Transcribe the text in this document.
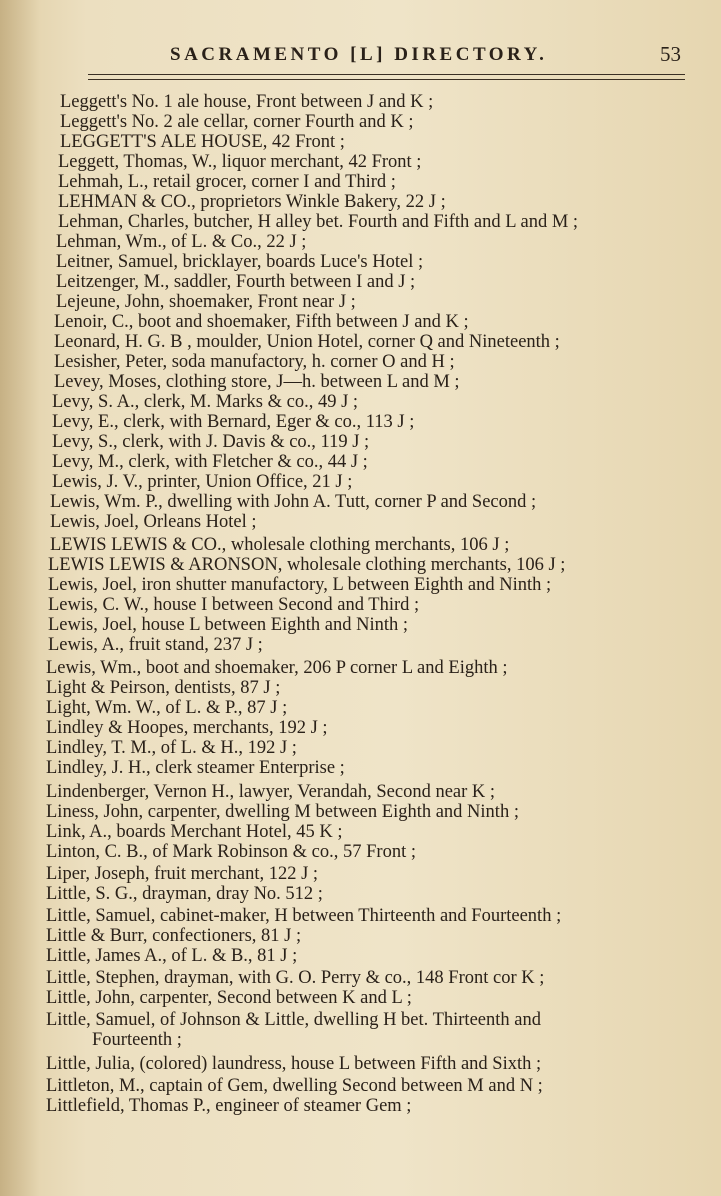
SACRAMENTO [L] DIRECTORY.	53
Leggett's No. 1 ale house, Front between J and K ;
Leggett's No. 2 ale cellar, corner Fourth and K ;
LEGGETT'S ALE HOUSE, 42 Front ;
Leggett, Thomas, W., liquor merchant, 42 Front ;
Lehmah, L., retail grocer, corner I and Third ;
LEHMAN & CO., proprietors Winkle Bakery, 22 J ;
Lehman, Charles, butcher, H alley bet. Fourth and Fifth and L and M ;
Lehman, Wm., of L. & Co., 22 J ;
Leitner, Samuel, bricklayer, boards Luce's Hotel ;
Leitzenger, M., saddler, Fourth between I and J ;
Lejeune, John, shoemaker, Front near J ;
Lenoir, C., boot and shoemaker, Fifth between J and K ;
Leonard, H. G. B , moulder, Union Hotel, corner Q and Nineteenth ;
Lesisher, Peter, soda manufactory, h. corner O and H ;
Levey, Moses, clothing store, J—h. between L and M ;
Levy, S. A., clerk, M. Marks & co., 49 J ;
Levy, E., clerk, with Bernard, Eger & co., 113 J ;
Levy, S., clerk, with J. Davis & co., 119 J ;
Levy, M., clerk, with Fletcher & co., 44 J ;
Lewis, J. V., printer, Union Office, 21 J ;
Lewis, Wm. P., dwelling with John A. Tutt, corner P and Second ;
Lewis, Joel, Orleans Hotel ;
LEWIS LEWIS & CO., wholesale clothing merchants, 106 J ;
LEWIS LEWIS & ARONSON, wholesale clothing merchants, 106 J ;
Lewis, Joel, iron shutter manufactory, L between Eighth and Ninth ;
Lewis, C. W., house I between Second and Third ;
Lewis, Joel, house L between Eighth and Ninth ;
Lewis, A., fruit stand, 237 J ;
Lewis, Wm., boot and shoemaker, 206 P corner L and Eighth ;
Light & Peirson, dentists, 87 J ;
Light, Wm. W., of L. & P., 87 J ;
Lindley & Hoopes, merchants, 192 J ;
Lindley, T. M., of L. & H., 192 J ;
Lindley, J. H., clerk steamer Enterprise ;
Lindenberger, Vernon H., lawyer, Verandah, Second near K ;
Liness, John, carpenter, dwelling M between Eighth and Ninth ;
Link, A., boards Merchant Hotel, 45 K ;
Linton, C. B., of Mark Robinson & co., 57 Front ;
Liper, Joseph, fruit merchant, 122 J ;
Little, S. G., drayman, dray No. 512 ;
Little, Samuel, cabinet-maker, H between Thirteenth and Fourteenth ;
Little & Burr, confectioners, 81 J ;
Little, James A., of L. & B., 81 J ;
Little, Stephen, drayman, with G. O. Perry & co., 148 Front cor K ;
Little, John, carpenter, Second between K and L ;
Little, Samuel, of Johnson & Little, dwelling H bet. Thirteenth and
Fourteenth ;
Little, Julia, (colored) laundress, house L between Fifth and Sixth ;
Littleton, M., captain of Gem, dwelling Second between M and N ;
Littlefield, Thomas P., engineer of steamer Gem ;
